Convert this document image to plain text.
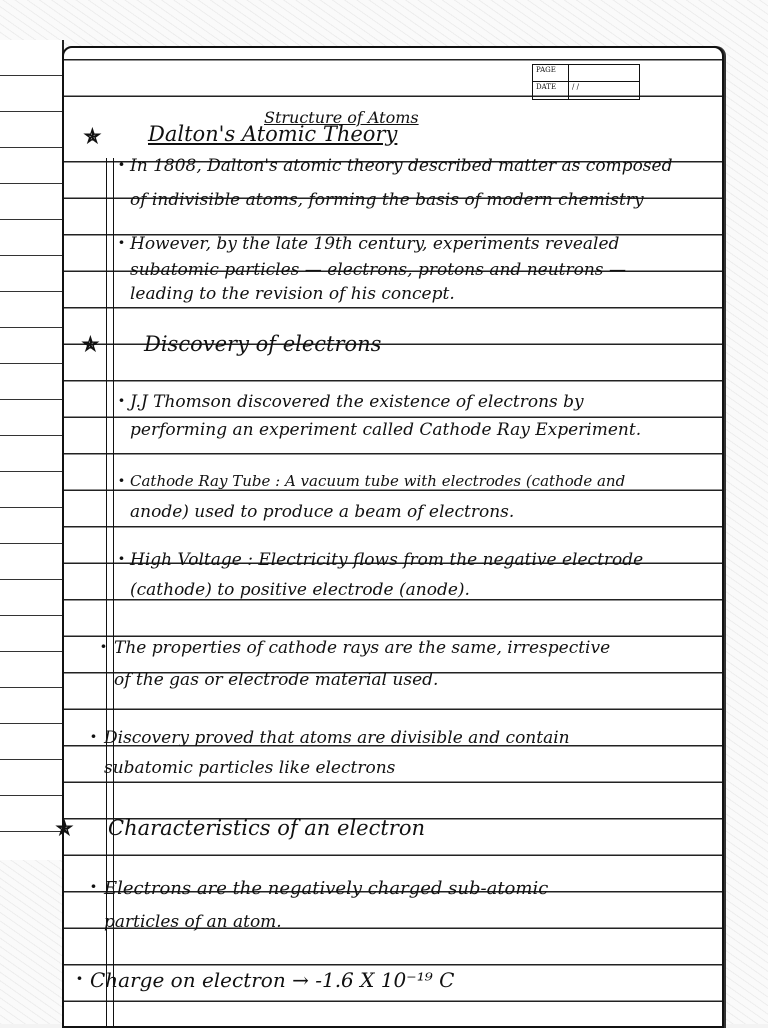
PAGE
DATE	/ /
Structure of Atoms
✯ Dalton's Atomic Theory
· In 1808, Dalton's atomic theory described matter as composed
of indivisible atoms, forming the basis of modern chemistry
· However, by the late 19th century, experiments revealed
subatomic particles — electrons, protons and neutrons —
leading to the revision of his concept.
✯ Discovery of electrons
· J.J Thomson discovered the existence of electrons by
performing an experiment called Cathode Ray Experiment.
· Cathode Ray Tube : A vacuum tube with electrodes (cathode and
anode) used to produce a beam of electrons.
· High Voltage : Electricity flows from the negative electrode
(cathode) to positive electrode (anode).
· The properties of cathode rays are the same, irrespective
of the gas or electrode material used.
· Discovery proved that atoms are divisible and contain
subatomic particles like electrons
✯ Characteristics of an electron
· Electrons are the negatively charged sub-atomic
particles of an atom.
· Charge on electron → -1.6 X 10⁻¹⁹ C
